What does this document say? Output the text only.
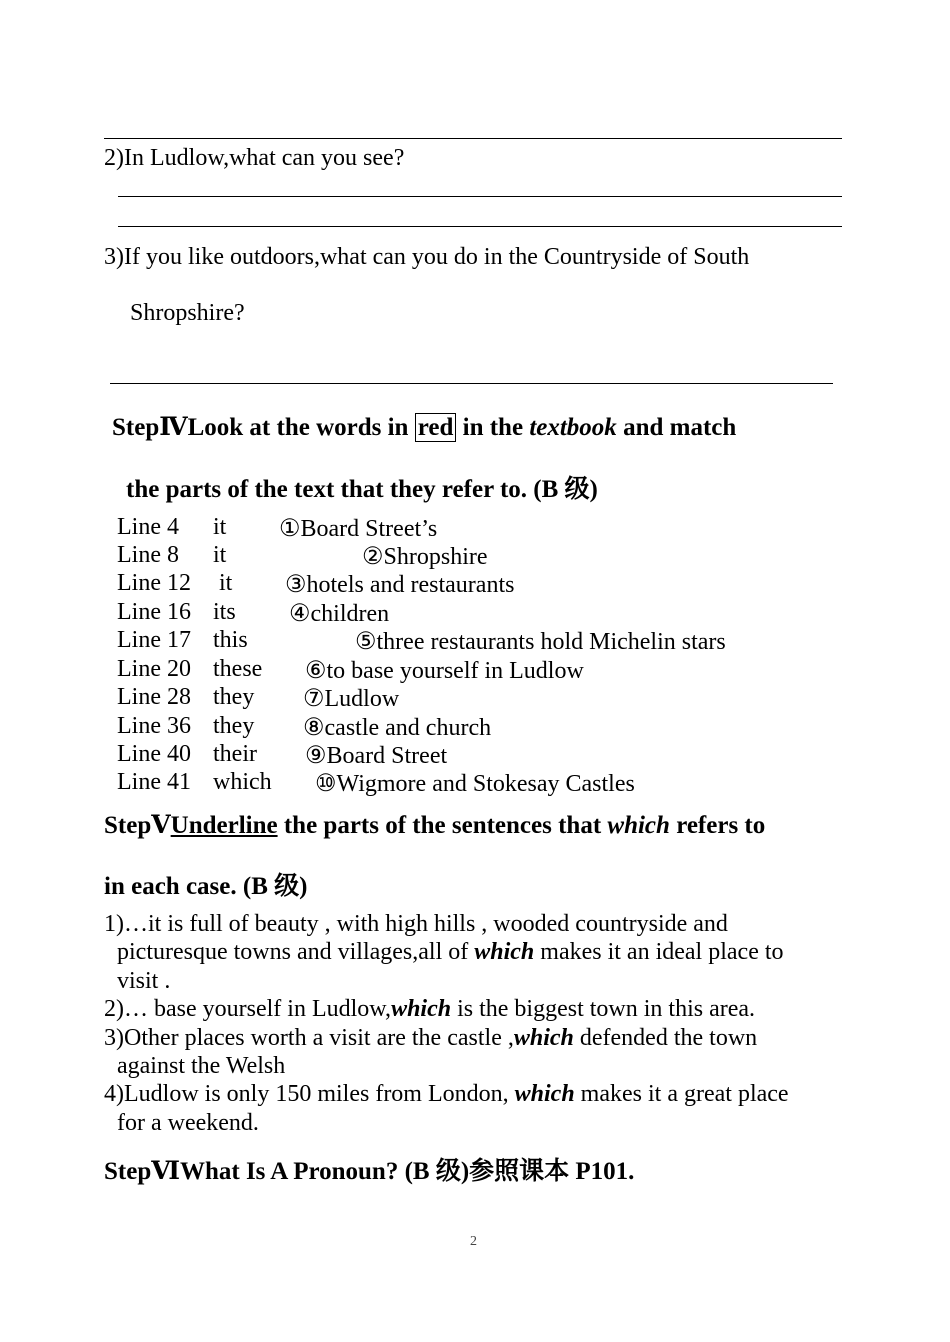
2)In Ludlow,what can you see?
3)If you like outdoors,what can you do in the Countryside of South
Shropshire?
StepⅣLook at the words in red in the textbook and match
the parts of the text that they refer to. (B 级)
Line 4 it ①Board Street’s
Line 8 it	②Shropshire
Line 12 it ③hotels and restaurants
Line 16 its ④children
Line 17 this	⑤three restaurants hold Michelin stars
Line 20 these ⑥to base yourself in Ludlow
Line 28 they ⑦Ludlow
Line 36 they ⑧castle and church
Line 40 their ⑨Board Street
Line 41 which ⑩Wigmore and Stokesay Castles
StepⅤUnderline the parts of the sentences that which refers to
in each case. (B 级)
1)…it is full of beauty , with high hills , wooded countryside and
picturesque towns and villages,all of which makes it an ideal place to
visit .
2)… base yourself in Ludlow,which is the biggest town in this area.
3)Other places worth a visit are the castle ,which defended the town
against the Welsh
4)Ludlow is only 150 miles from London, which makes it a great place
for a weekend.
StepⅥWhat Is A Pronoun? (B 级)参照课本 P101.
2
